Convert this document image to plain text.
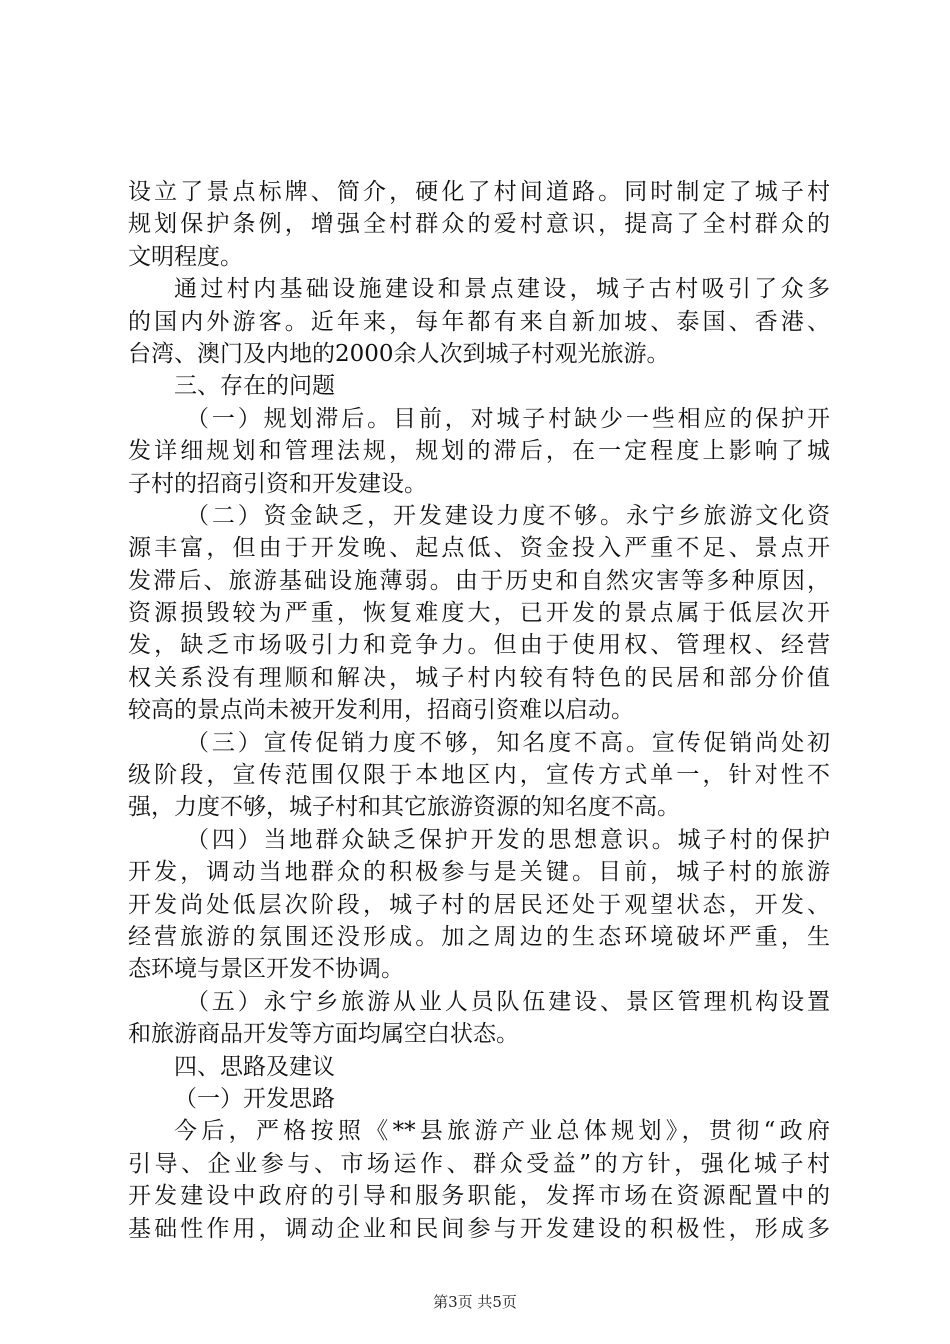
设立了景点标牌、简介，硬化了村间道路。同时制定了城子村
规划保护条例，增强全村群众的爱村意识，提高了全村群众的
文明程度。
通过村内基础设施建设和景点建设，城子古村吸引了众多
的国内外游客。近年来，每年都有来自新加坡、泰国、香港、
台湾、澳门及内地的2000余人次到城子村观光旅游。
三、存在的问题
（一）规划滞后。目前，对城子村缺少一些相应的保护开
发详细规划和管理法规，规划的滞后，在一定程度上影响了城
子村的招商引资和开发建设。
（二）资金缺乏，开发建设力度不够。永宁乡旅游文化资
源丰富，但由于开发晚、起点低、资金投入严重不足、景点开
发滞后、旅游基础设施薄弱。由于历史和自然灾害等多种原因，
资源损毁较为严重，恢复难度大，已开发的景点属于低层次开
发，缺乏市场吸引力和竞争力。但由于使用权、管理权、经营
权关系没有理顺和解决，城子村内较有特色的民居和部分价值
较高的景点尚未被开发利用，招商引资难以启动。
（三）宣传促销力度不够，知名度不高。宣传促销尚处初
级阶段，宣传范围仅限于本地区内，宣传方式单一，针对性不
强，力度不够，城子村和其它旅游资源的知名度不高。
（四）当地群众缺乏保护开发的思想意识。城子村的保护
开发，调动当地群众的积极参与是关键。目前，城子村的旅游
开发尚处低层次阶段，城子村的居民还处于观望状态，开发、
经营旅游的氛围还没形成。加之周边的生态环境破坏严重，生
态环境与景区开发不协调。
（五）永宁乡旅游从业人员队伍建设、景区管理机构设置
和旅游商品开发等方面均属空白状态。
四、思路及建议
（一）开发思路
今后，严格按照《**县旅游产业总体规划》，贯彻“政府
引导、企业参与、市场运作、群众受益”的方针，强化城子村
开发建设中政府的引导和服务职能，发挥市场在资源配置中的
基础性作用，调动企业和民间参与开发建设的积极性，形成多
第3页 共5页
